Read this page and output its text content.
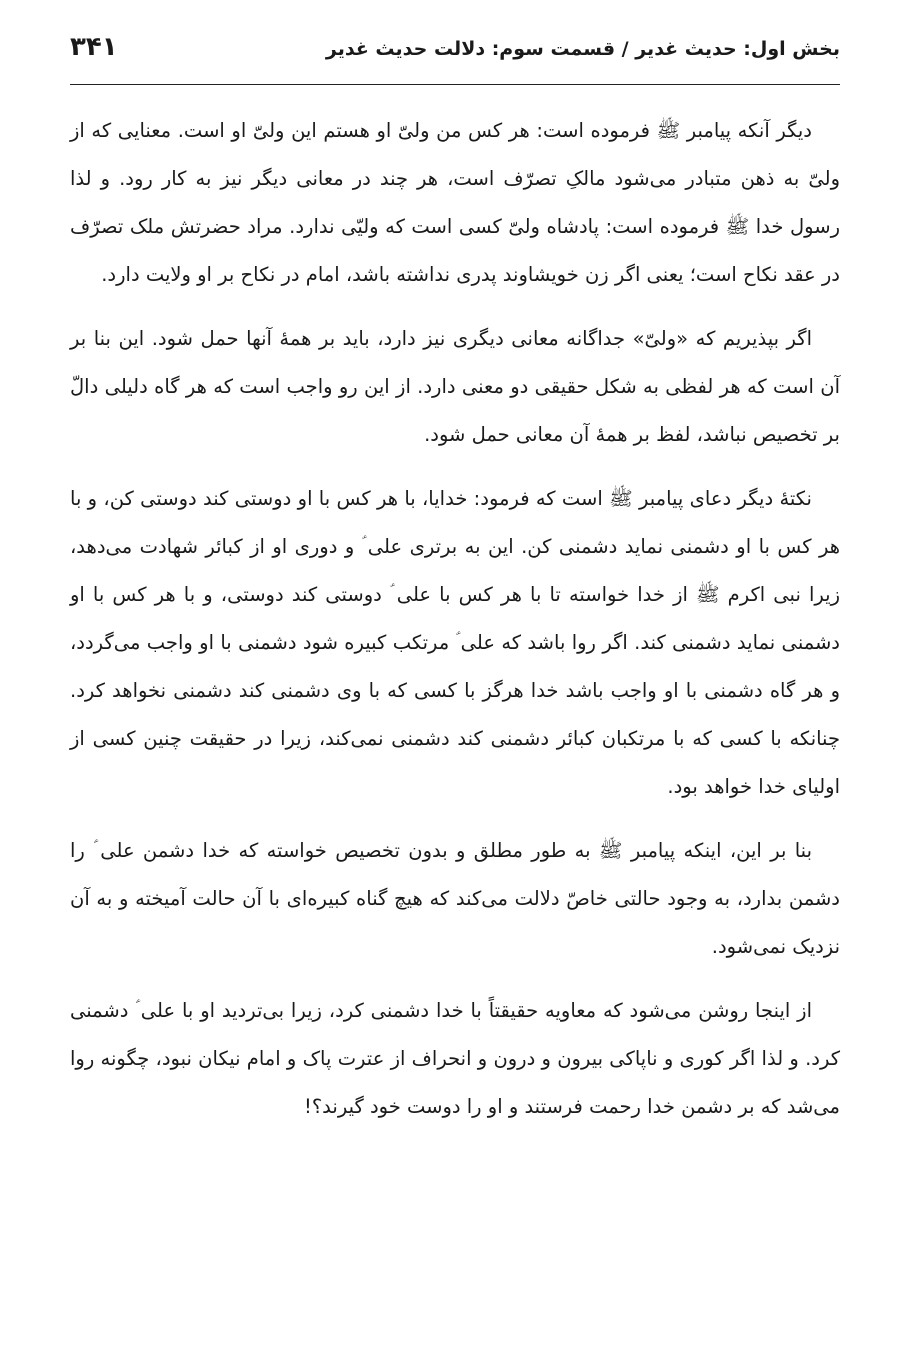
بخش اول: حدیث غدیر / قسمت سوم: دلالت حدیث غدیر
۳۴۱

دیگر آنکه پیامبر ﷺ فرموده است: هر کس من ولیّ او هستم این ولیّ او است. معنایی که از ولیّ به ذهن متبادر می‌شود مالکِ تصرّف است، هر چند در معانی دیگر نیز به کار رود. و لذا رسول خدا ﷺ فرموده است: پادشاه ولیّ کسی است که ولیّی ندارد. مراد حضرتش ملک تصرّف در عقد نکاح است؛ یعنی اگر زن خویشاوند پدری نداشته باشد، امام در نکاح بر او ولایت دارد.

اگر بپذیریم که «ولیّ» جداگانه معانی دیگری نیز دارد، باید بر همهٔ آنها حمل شود. این بنا بر آن است که هر لفظی به شکل حقیقی دو معنی دارد. از این رو واجب است که هر گاه دلیلی دالّ بر تخصیص نباشد، لفظ بر همهٔ آن معانی حمل شود.

نکتهٔ دیگر دعای پیامبر ﷺ است که فرمود: خدایا، با هر کس با او دوستی کند دوستی کن، و با هر کس با او دشمنی نماید دشمنی کن. این به برتری علی ؑ و دوری او از کبائر شهادت می‌دهد، زیرا نبی اکرم ﷺ از خدا خواسته تا با هر کس با علی ؑ دوستی کند دوستی، و با هر کس با او دشمنی نماید دشمنی کند. اگر روا باشد که علی ؑ مرتکب کبیره شود دشمنی با او واجب می‌گردد، و هر گاه دشمنی با او واجب باشد خدا هرگز با کسی که با وی دشمنی کند دشمنی نخواهد کرد. چنانکه با کسی که با مرتکبان کبائر دشمنی کند دشمنی نمی‌کند، زیرا در حقیقت چنین کسی از اولیای خدا خواهد بود.

بنا بر این، اینکه پیامبر ﷺ به طور مطلق و بدون تخصیص خواسته که خدا دشمن علی ؑ را دشمن بدارد، به وجود حالتی خاصّ دلالت می‌کند که هیچ گناه کبیره‌ای با آن حالت آمیخته و به آن نزدیک نمی‌شود.

از اینجا روشن می‌شود که معاویه حقیقتاً با خدا دشمنی کرد، زیرا بی‌تردید او با علی ؑ دشمنی کرد. و لذا اگر کوری و ناپاکی بیرون و درون و انحراف از عترت پاک و امام نیکان نبود، چگونه روا می‌شد که بر دشمن خدا رحمت فرستند و او را دوست خود گیرند؟!
